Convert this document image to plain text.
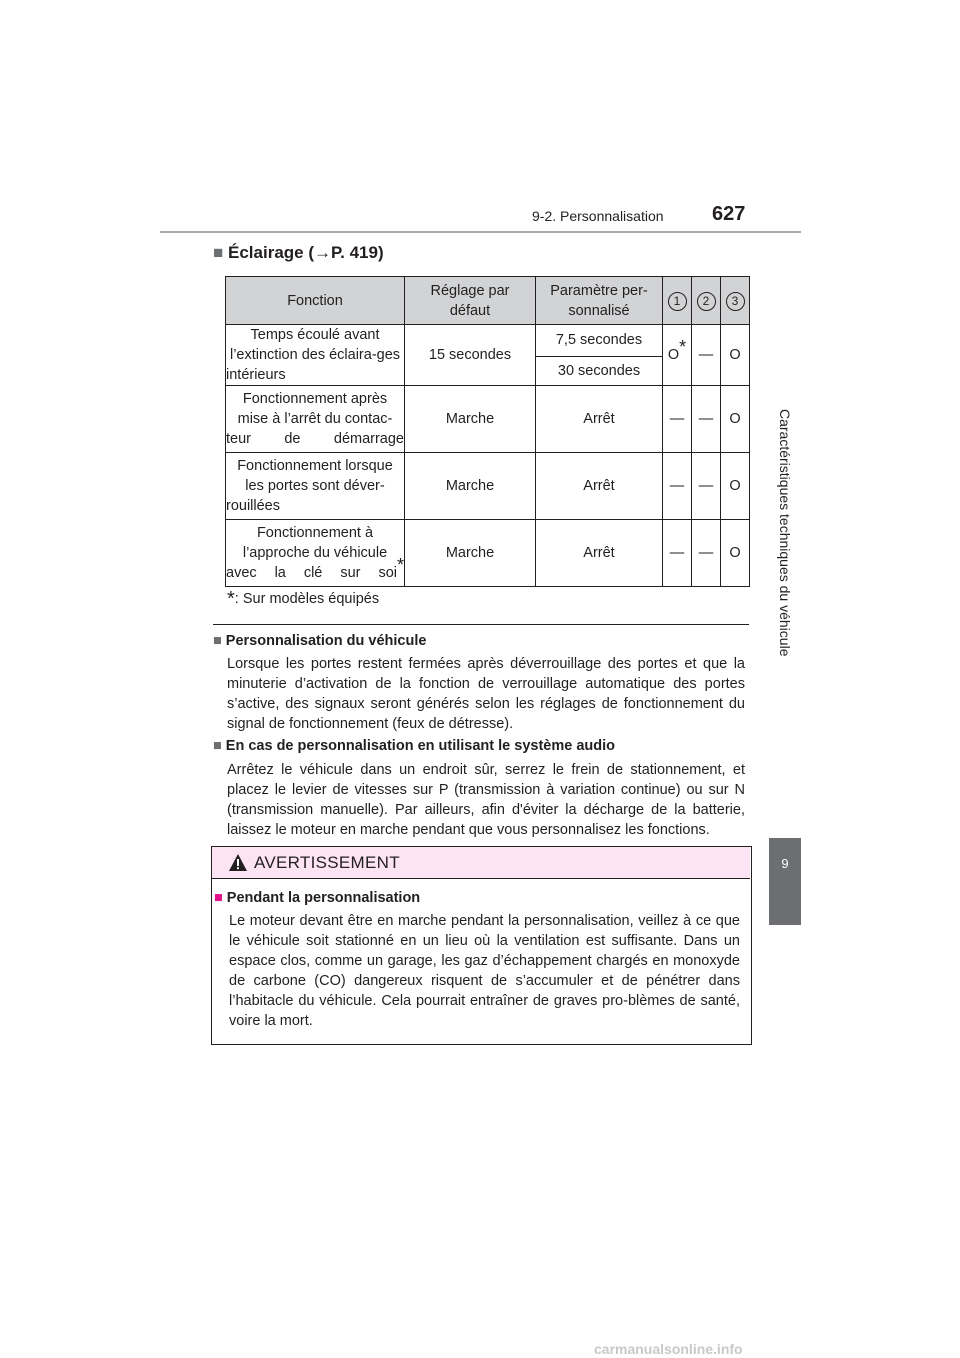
9-2. Personnalisation 627
Caractéristiques techniques du véhicule
9
■ Éclairage (→P. 419)
Fonction	Réglage par défaut	Paramètre per-sonnalisé	1	2	3
Temps écoulé avant l’extinction des éclaira-ges intérieurs	15 secondes	7,5 secondes	O*	—	O
		30 secondes			
Fonctionnement après mise à l’arrêt du contac-teur de démarrage	Marche	Arrêt	—	—	O
Fonctionnement lorsque les portes sont déver-rouillées	Marche	Arrêt	—	—	O
Fonctionnement à l’approche du véhicule avec la clé sur soi*	Marche	Arrêt	—	—	O
*: Sur modèles équipés
■ Personnalisation du véhicule
Lorsque les portes restent fermées après déverrouillage des portes et que la minuterie d’activation de la fonction de verrouillage automatique des portes s’active, des signaux seront générés selon les réglages de fonctionnement du signal de fonctionnement (feux de détresse).
■ En cas de personnalisation en utilisant le système audio
Arrêtez le véhicule dans un endroit sûr, serrez le frein de stationnement, et placez le levier de vitesses sur P (transmission à variation continue) ou sur N (transmission manuelle). Par ailleurs, afin d'éviter la décharge de la batterie, laissez le moteur en marche pendant que vous personnalisez les fonctions.
AVERTISSEMENT
■ Pendant la personnalisation
Le moteur devant être en marche pendant la personnalisation, veillez à ce que le véhicule soit stationné en un lieu où la ventilation est suffisante. Dans un espace clos, comme un garage, les gaz d’échappement chargés en monoxyde de carbone (CO) dangereux risquent de s’accumuler et de pénétrer dans l’habitacle du véhicule. Cela pourrait entraîner de graves pro-blèmes de santé, voire la mort.
carmanualsonline.info
